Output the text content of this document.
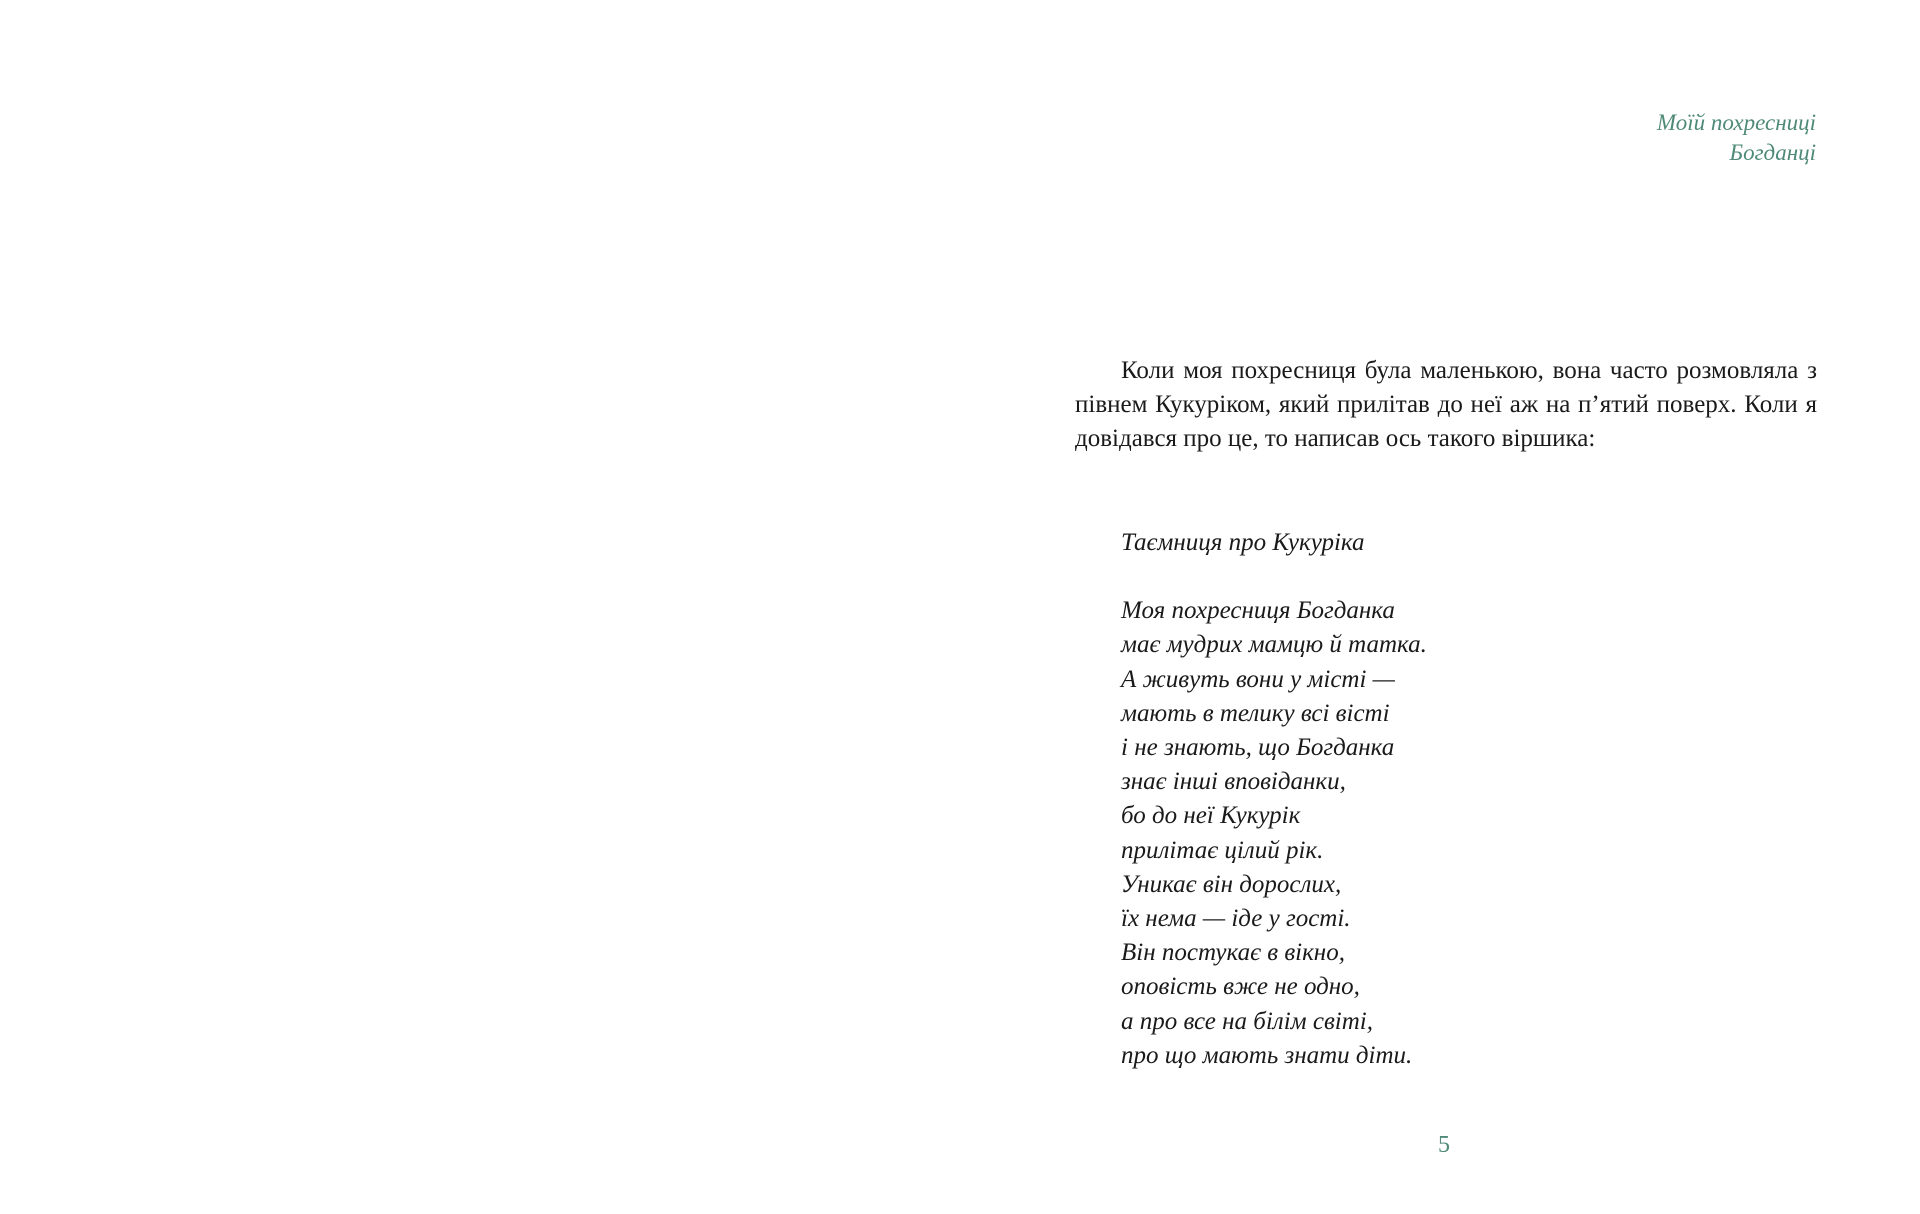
Моїй похресниці
Богданці

Коли моя похресниця була маленькою, вона часто розмовляла з півнем Кукуріком, який прилітав до неї аж на п’ятий поверх. Коли я довідався про це, то написав ось такого віршика:

Таємниця про Кукуріка
Моя похресниця Богданка
має мудрих мамцю й татка.
А живуть вони у місті —
мають в телику всі вісті
і не знають, що Богданка
знає інші вповіданки,
бо до неї Кукурік
прилітає цілий рік.
Уникає він дорослих,
їх нема — іде у гості.
Він постукає в вікно,
оповість вже не одно,
а про все на білім світі,
про що мають знати діти.
5
